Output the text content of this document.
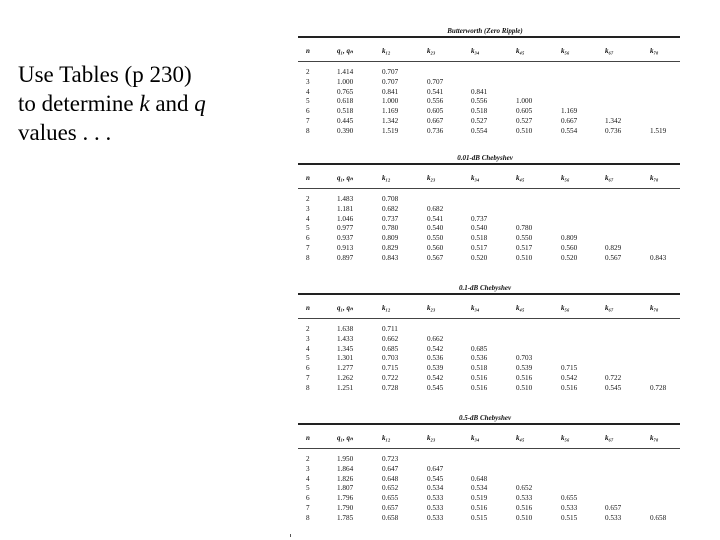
Use Tables (p 230)
to determine k and q
values . . .
Butterworth (Zero Ripple)
n	q₁, qₙ	k₁₂	k₂₃	k₃₄	k₄₅	k₅₆	k₆₇	k₇₈
2	1.414	0.707
3	1.000	0.707	0.707
4	0.765	0.841	0.541	0.841
5	0.618	1.000	0.556	0.556	1.000
6	0.518	1.169	0.605	0.518	0.605	1.169
7	0.445	1.342	0.667	0.527	0.527	0.667	1.342
8	0.390	1.519	0.736	0.554	0.510	0.554	0.736	1.519
0.01-dB Chebyshev
n	q₁, qₙ	k₁₂	k₂₃	k₃₄	k₄₅	k₅₆	k₆₇	k₇₈
2	1.483	0.708
3	1.181	0.682	0.682
4	1.046	0.737	0.541	0.737
5	0.977	0.780	0.540	0.540	0.780
6	0.937	0.809	0.550	0.518	0.550	0.809
7	0.913	0.829	0.560	0.517	0.517	0.560	0.829
8	0.897	0.843	0.567	0.520	0.510	0.520	0.567	0.843
0.1-dB Chebyshev
n	q₁, qₙ	k₁₂	k₂₃	k₃₄	k₄₅	k₅₆	k₆₇	k₇₈
2	1.638	0.711
3	1.433	0.662	0.662
4	1.345	0.685	0.542	0.685
5	1.301	0.703	0.536	0.536	0.703
6	1.277	0.715	0.539	0.518	0.539	0.715
7	1.262	0.722	0.542	0.516	0.516	0.542	0.722
8	1.251	0.728	0.545	0.516	0.510	0.516	0.545	0.728
0.5-dB Chebyshev
n	q₁, qₙ	k₁₂	k₂₃	k₃₄	k₄₅	k₅₆	k₆₇	k₇₈
2	1.950	0.723
3	1.864	0.647	0.647
4	1.826	0.648	0.545	0.648
5	1.807	0.652	0.534	0.534	0.652
6	1.796	0.655	0.533	0.519	0.533	0.655
7	1.790	0.657	0.533	0.516	0.516	0.533	0.657
8	1.785	0.658	0.533	0.515	0.510	0.515	0.533	0.658
